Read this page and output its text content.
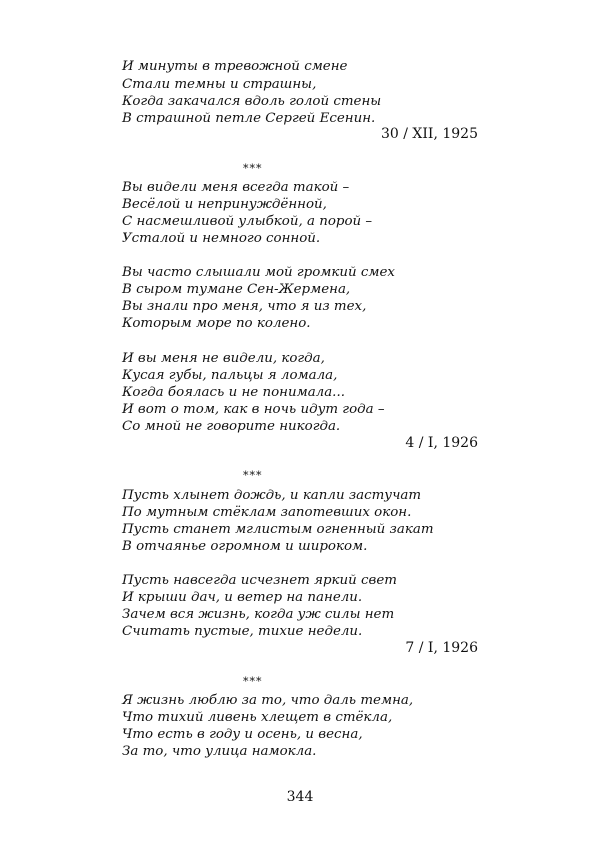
И минуты в тревожной смене
Стали темны и страшны,
Когда закачался вдоль голой стены
В страшной петле Сергей Есенин.
30 / XII, 1925
***
Вы видели меня всегда такой –
Весёлой и непринуждённой,
С насмешливой улыбкой, а порой –
Усталой и немного сонной.
Вы часто слышали мой громкий смех
В сыром тумане Сен-Жермена,
Вы знали про меня, что я из тех,
Которым море по колено.
И вы меня не видели, когда,
Кусая губы, пальцы я ломала,
Когда боялась и не понимала...
И вот о том, как в ночь идут года –
Со мной не говорите никогда.
4 / I, 1926
***
Пусть хлынет дождь, и капли застучат
По мутным стёклам запотевших окон.
Пусть станет мглистым огненный закат
В отчаянье огромном и широком.
Пусть навсегда исчезнет яркий свет
И крыши дач, и ветер на панели.
Зачем вся жизнь, когда уж силы нет
Считать пустые, тихие недели.
7 / I, 1926
***
Я жизнь люблю за то, что даль темна,
Что тихий ливень хлещет в стёкла,
Что есть в году и осень, и весна,
За то, что улица намокла.
344
